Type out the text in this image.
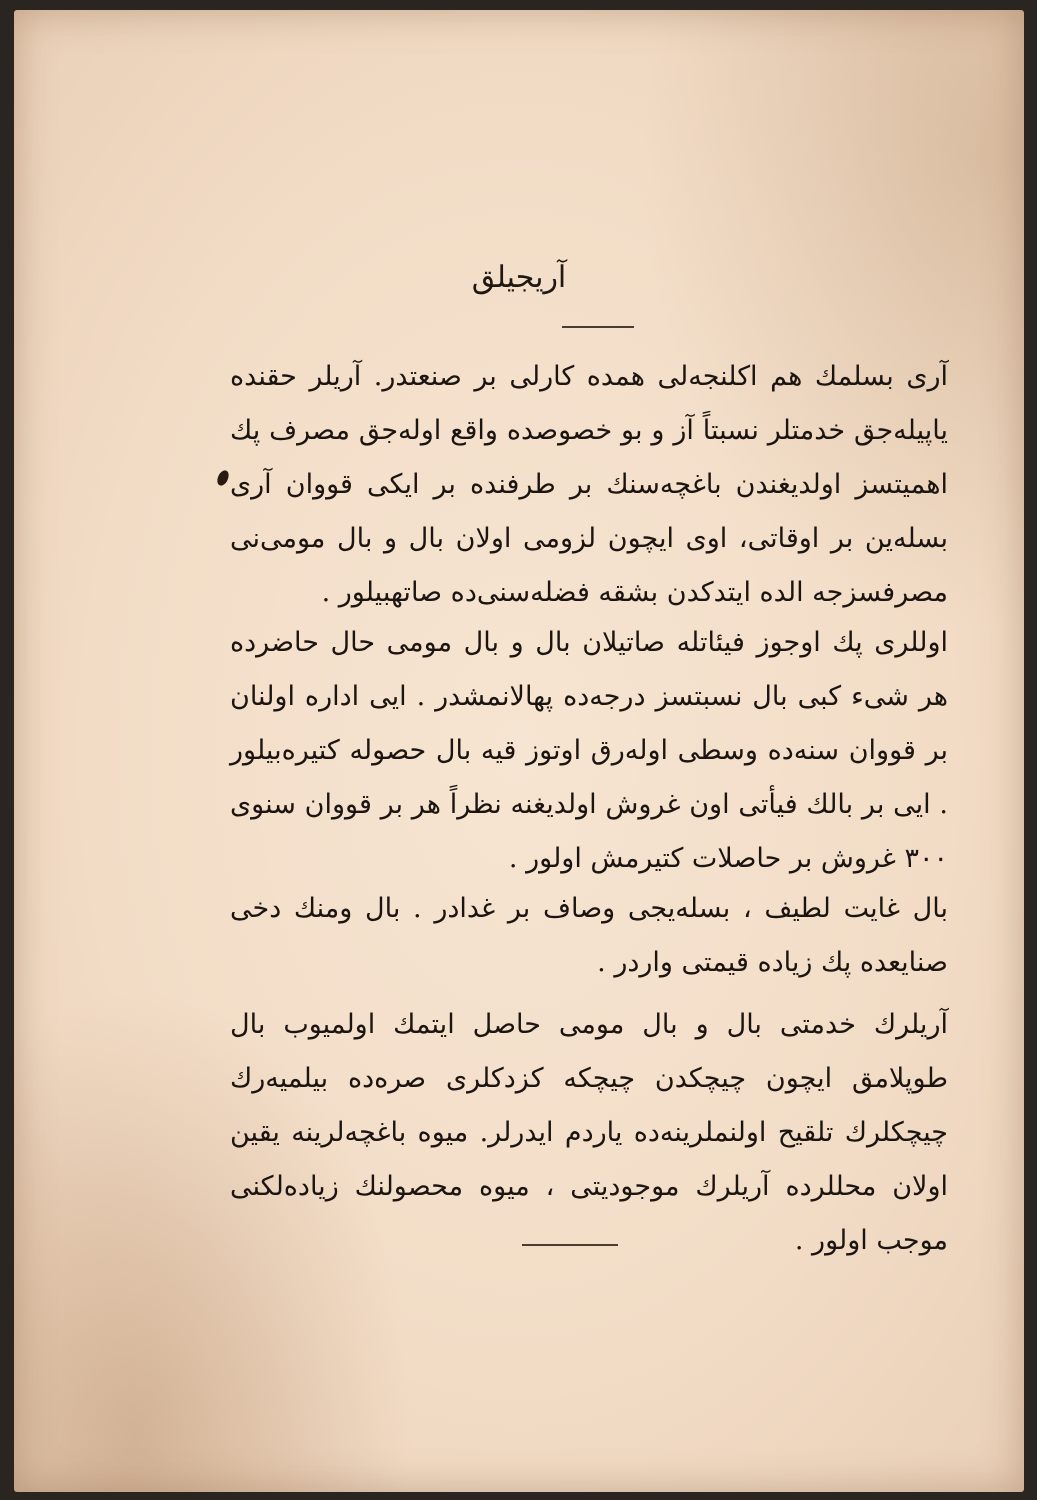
آریجیلق
آری بسلمك هم اکلنجه‌لی همده کارلی بر صنعتدر. آریلر حقنده یاپیله‌جق خدمتلر نسبتاً آز و بو خصوصده واقع اوله‌جق مصرف پك اهمیتسز اولدیغندن باغچه‌سنك بر طرفنده بر ایکی قووان آری بسله‌ین بر اوقاتی، اوی ایچون لزومی اولان بال و بال مومی‌نی مصرفسزجه الده ایتدکدن بشقه فضله‌سنی‌ده صاتهبیلور .
اوللری پك اوجوز فیئاتله صاتیلان بال و بال مومی حال حاضرده هر شیء کبی بال نسبتسز درجه‌ده پهالانمشدر . ایی اداره اولنان بر قووان سنه‌ده وسطی اوله‌رق اوتوز قیه بال حصوله کتیره‌بیلور . ایی بر بالك فیأتی اون غروش اولدیغنه نظراً هر بر قووان سنوی ۳۰۰ غروش بر حاصلات کتیرمش اولور .
بال غایت لطیف ، بسله‌یجی وصاف بر غدادر . بال ومنك دخی صنایعده پك زیاده قیمتی واردر .
آریلرك خدمتی بال و بال مومی حاصل ایتمك اولمیوب بال طوپلامق ایچون چیچکدن چیچکه کزدکلری صره‌ده بیلمیه‌رك چیچکلرك تلقیح اولنملرینه‌ده یاردم ایدرلر. میوه باغچه‌لرینه یقین اولان محللرده آریلرك موجودیتی ، میوه محصولنك زیاده‌لکنی موجب اولور .
